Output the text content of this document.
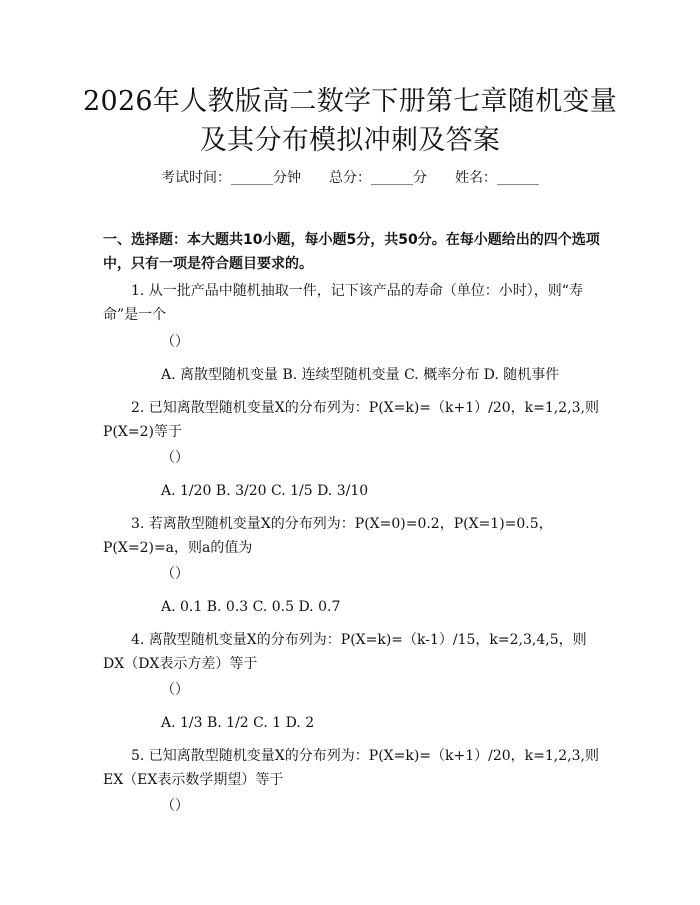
2026年人教版高二数学下册第七章随机变量
及其分布模拟冲刺及答案
考试时间：______分钟 总分：______分 姓名：______
一、选择题：本大题共10小题，每小题5分，共50分。在每小题给出的四个选项中，只有一项是符合题目要求的。
1. 从一批产品中随机抽取一件，记下该产品的寿命（单位：小时），则“寿命”是一个
（）
A. 离散型随机变量 B. 连续型随机变量 C. 概率分布 D. 随机事件
2. 已知离散型随机变量X的分布列为：P(X=k)=（k+1）/20，k=1,2,3,则P(X=2)等于
（）
A. 1/20 B. 3/20 C. 1/5 D. 3/10
3. 若离散型随机变量X的分布列为：P(X=0)=0.2，P(X=1)=0.5，P(X=2)=a，则a的值为
（）
A. 0.1 B. 0.3 C. 0.5 D. 0.7
4. 离散型随机变量X的分布列为：P(X=k)=（k-1）/15，k=2,3,4,5，则DX（DX表示方差）等于
（）
A. 1/3 B. 1/2 C. 1 D. 2
5. 已知离散型随机变量X的分布列为：P(X=k)=（k+1）/20，k=1,2,3,则EX（EX表示数学期望）等于
（）
